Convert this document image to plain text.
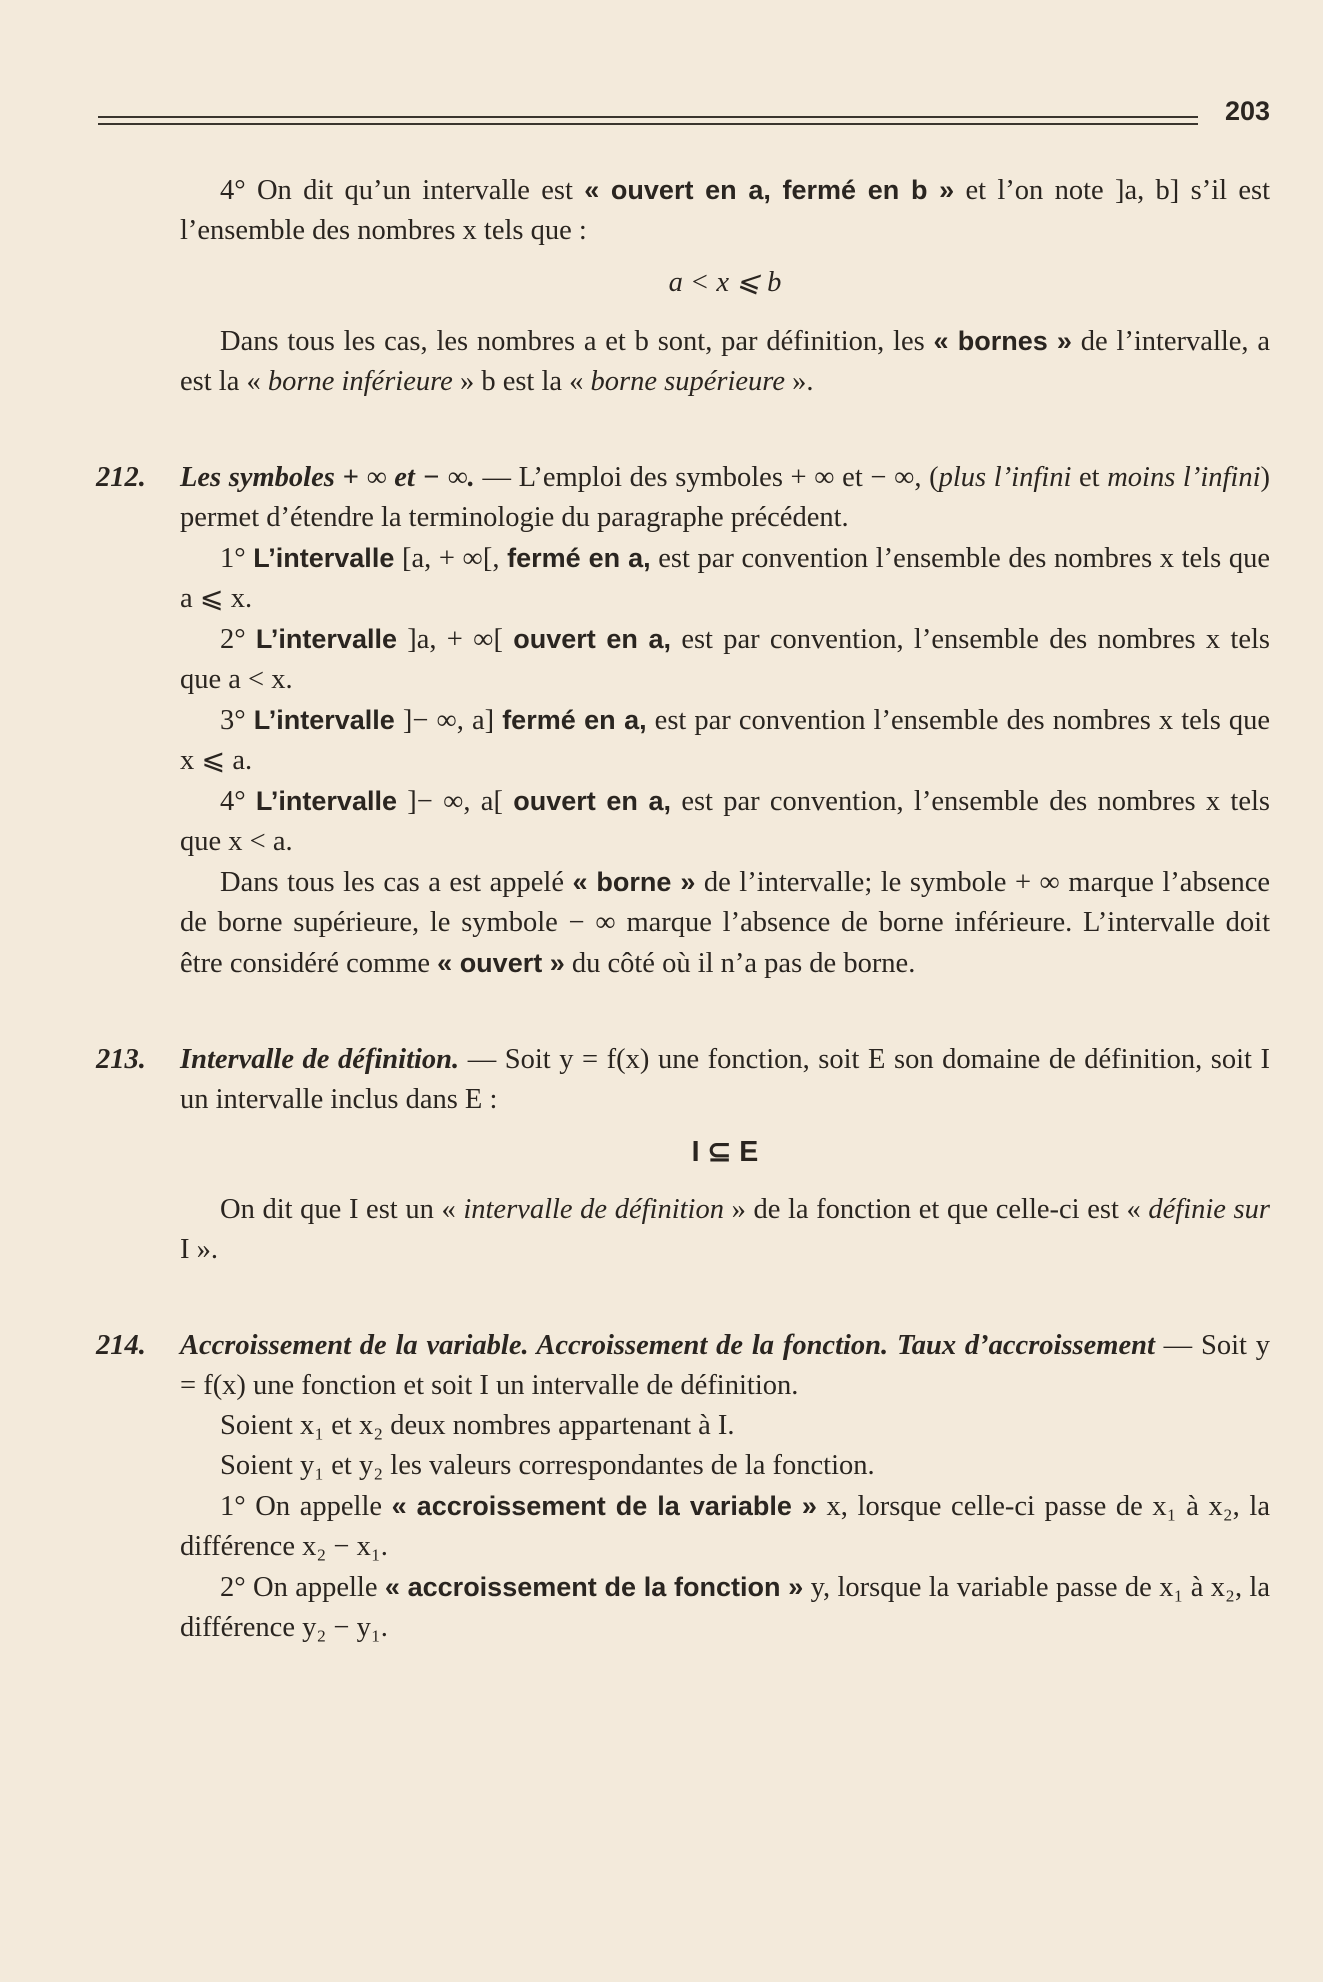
203

4° On dit qu’un intervalle est « ouvert en a, fermé en b » et l’on note ]a, b] s’il est l’ensemble des nombres x tels que :

a < x ⩽ b

Dans tous les cas, les nombres a et b sont, par définition, les « bornes » de l’intervalle, a est la « borne inférieure » b est la « borne supérieure ».

212. Les symboles + ∞ et − ∞. — L’emploi des symboles + ∞ et − ∞, (plus l’infini et moins l’infini) permet d’étendre la terminologie du paragraphe précédent.

1° L’intervalle [a, + ∞[, fermé en a, est par convention l’ensemble des nombres x tels que a ⩽ x.

2° L’intervalle ]a, + ∞[ ouvert en a, est par convention, l’ensemble des nombres x tels que a < x.

3° L’intervalle ]− ∞, a] fermé en a, est par convention l’ensemble des nombres x tels que x ⩽ a.

4° L’intervalle ]− ∞, a[ ouvert en a, est par convention, l’ensemble des nombres x tels que x < a.

Dans tous les cas a est appelé « borne » de l’intervalle; le symbole + ∞ marque l’absence de borne supérieure, le symbole − ∞ marque l’absence de borne inférieure. L’intervalle doit être considéré comme « ouvert » du côté où il n’a pas de borne.

213. Intervalle de définition. — Soit y = f(x) une fonction, soit E son domaine de définition, soit I un intervalle inclus dans E :

I ⊆ E

On dit que I est un « intervalle de définition » de la fonction et que celle-ci est « définie sur I ».

214. Accroissement de la variable. Accroissement de la fonction. Taux d’accroissement — Soit y = f(x) une fonction et soit I un intervalle de définition.

Soient x₁ et x₂ deux nombres appartenant à I.

Soient y₁ et y₂ les valeurs correspondantes de la fonction.

1° On appelle « accroissement de la variable » x, lorsque celle-ci passe de x₁ à x₂, la différence x₂ − x₁.

2° On appelle « accroissement de la fonction » y, lorsque la variable passe de x₁ à x₂, la différence y₂ − y₁.
